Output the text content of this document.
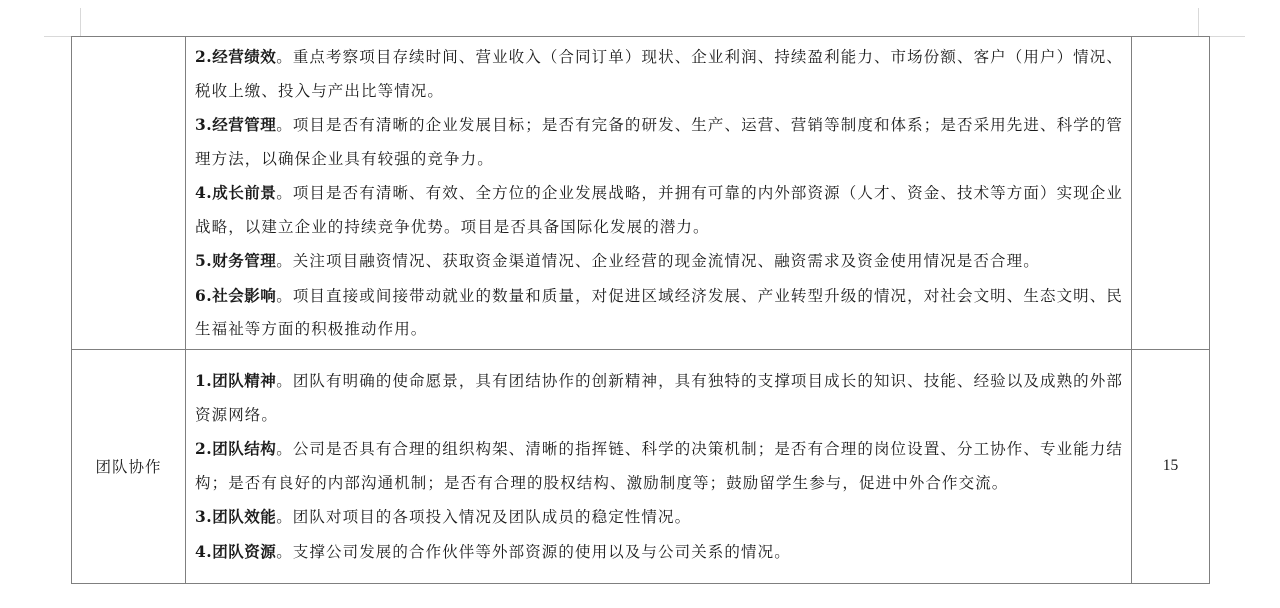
	2.经营绩效。重点考察项目存续时间、营业收入（合同订单）现状、企业利润、持续盈利能力、市场份额、客户（用户）情况、税收上缴、投入与产出比等情况。
3.经营管理。项目是否有清晰的企业发展目标；是否有完备的研发、生产、运营、营销等制度和体系；是否采用先进、科学的管理方法，以确保企业具有较强的竞争力。
4.成长前景。项目是否有清晰、有效、全方位的企业发展战略，并拥有可靠的内外部资源（人才、资金、技术等方面）实现企业战略，以建立企业的持续竞争优势。项目是否具备国际化发展的潜力。
5.财务管理。关注项目融资情况、获取资金渠道情况、企业经营的现金流情况、融资需求及资金使用情况是否合理。
6.社会影响。项目直接或间接带动就业的数量和质量，对促进区域经济发展、产业转型升级的情况，对社会文明、生态文明、民生福祉等方面的积极推动作用。	

团队协作	1.团队精神。团队有明确的使命愿景，具有团结协作的创新精神，具有独特的支撑项目成长的知识、技能、经验以及成熟的外部资源网络。
2.团队结构。公司是否具有合理的组织构架、清晰的指挥链、科学的决策机制；是否有合理的岗位设置、分工协作、专业能力结构；是否有良好的内部沟通机制；是否有合理的股权结构、激励制度等；鼓励留学生参与，促进中外合作交流。
3.团队效能。团队对项目的各项投入情况及团队成员的稳定性情况。
4.团队资源。支撑公司发展的合作伙伴等外部资源的使用以及与公司关系的情况。	15
